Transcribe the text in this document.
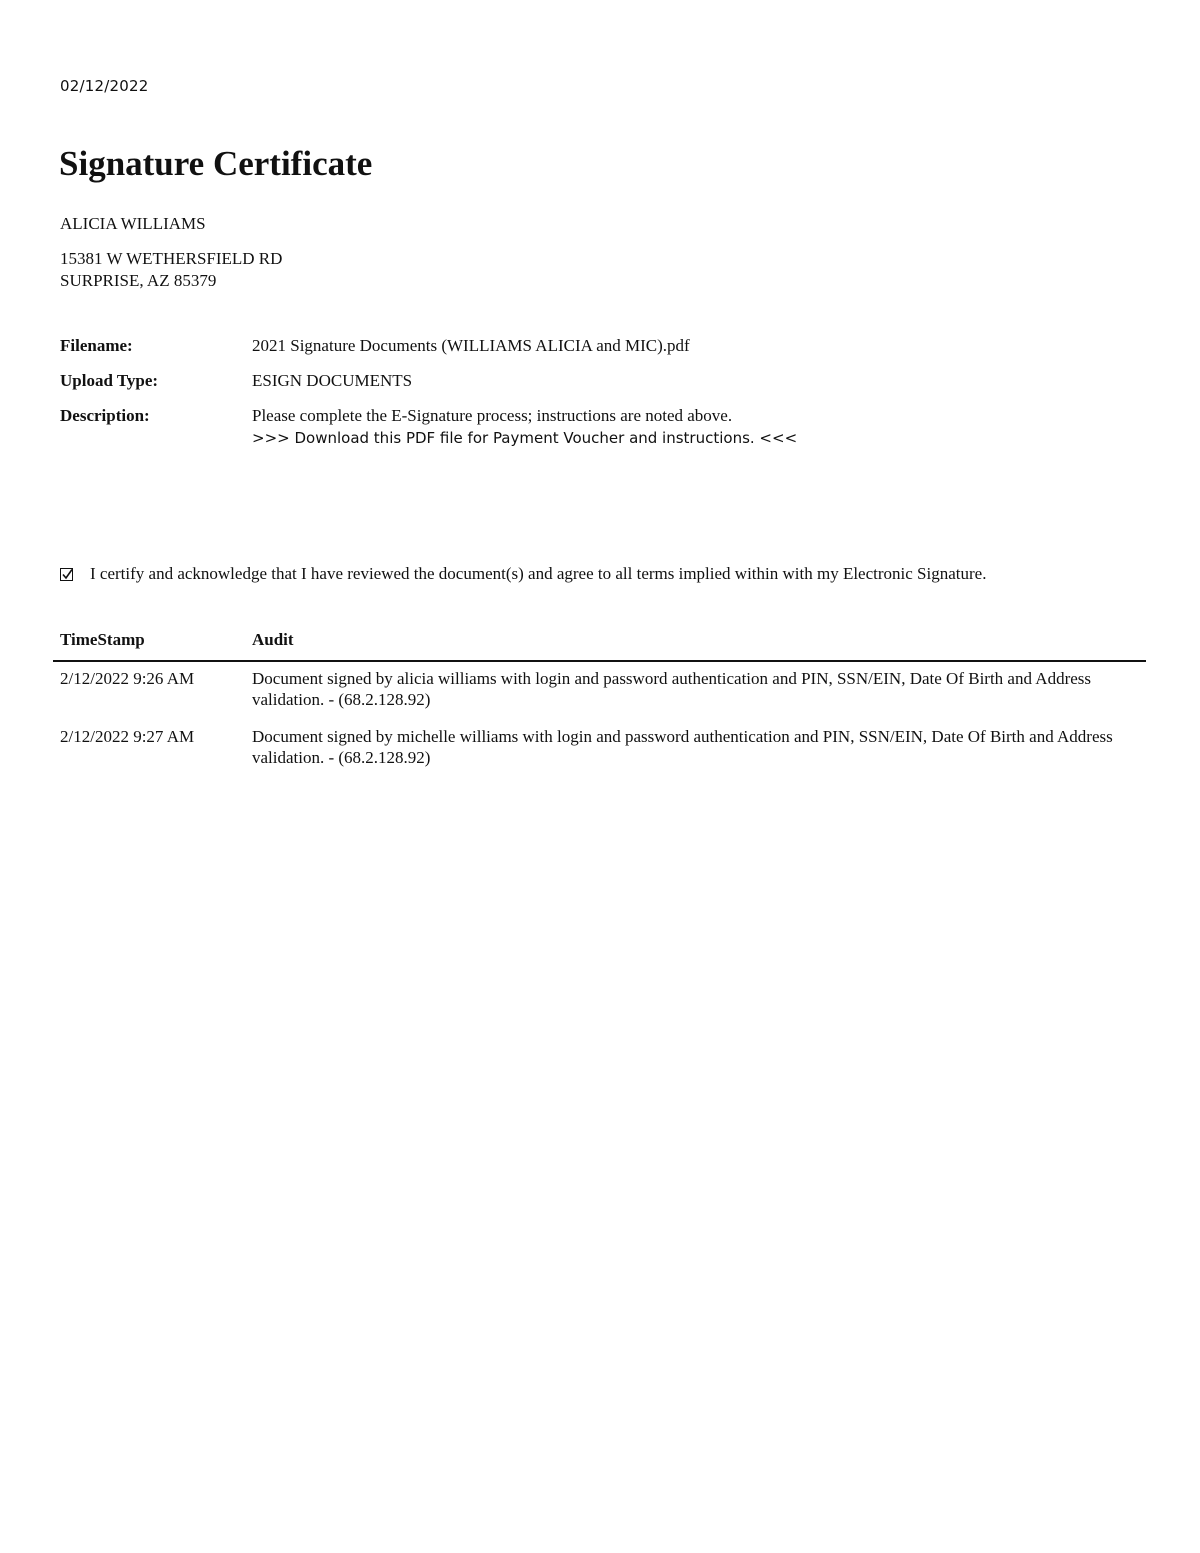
02/12/2022
Signature Certificate
ALICIA WILLIAMS
15381 W WETHERSFIELD RD
SURPRISE, AZ 85379
Filename:	2021 Signature Documents (WILLIAMS ALICIA and MIC).pdf
Upload Type:	ESIGN DOCUMENTS
Description:	Please complete the E-Signature process; instructions are noted above.
>>> Download this PDF file for Payment Voucher and instructions. <<<
I certify and acknowledge that I have reviewed the document(s) and agree to all terms implied within with my Electronic Signature.
TimeStamp	Audit
2/12/2022 9:26 AM	Document signed by alicia williams with login and password authentication and PIN, SSN/EIN, Date Of Birth and Address validation. - (68.2.128.92)
2/12/2022 9:27 AM	Document signed by michelle williams with login and password authentication and PIN, SSN/EIN, Date Of Birth and Address validation. - (68.2.128.92)
